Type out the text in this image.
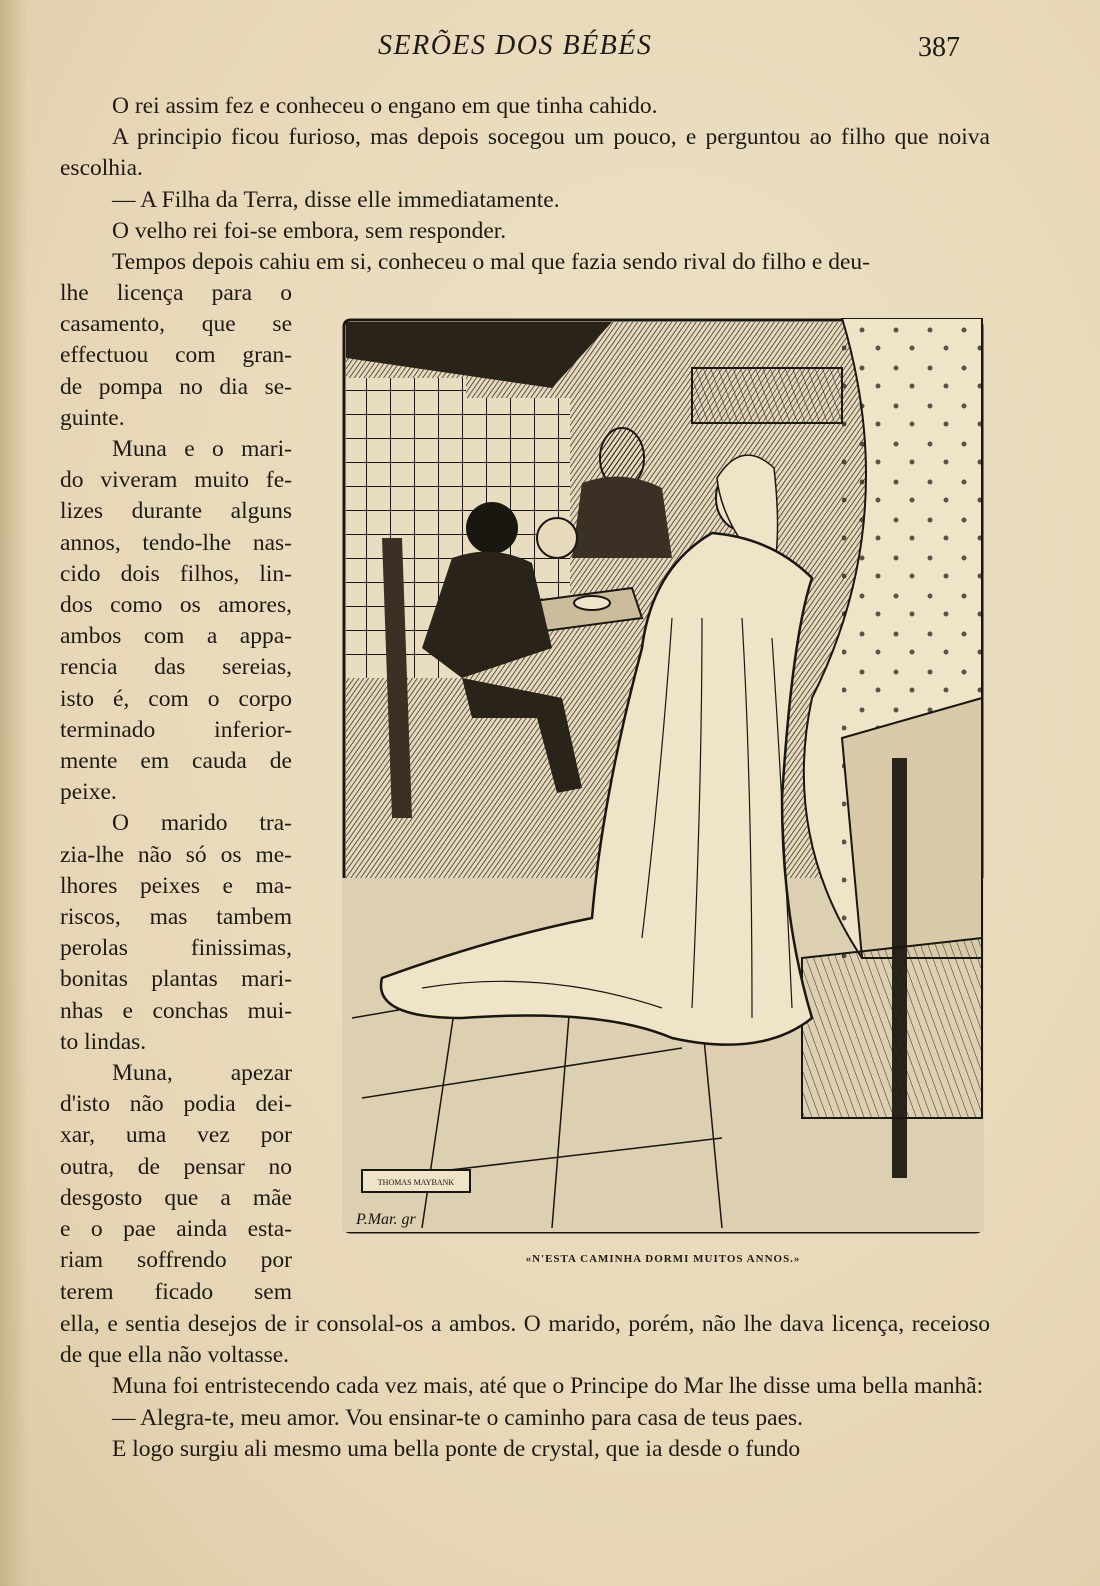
SERÕES DOS BÉBÉS	387

O rei assim fez e conheceu o engano em que tinha cahido.

A principio ficou furioso, mas depois socegou um pouco, e perguntou ao filho que noiva escolhia.

— A Filha da Terra, disse elle immediatamente.

O velho rei foi-se embora, sem responder.

Tempos depois cahiu em si, conheceu o mal que fazia sendo rival do filho e deu-

lhe licença para o
casamento, que se
effectuou com gran-
de pompa no dia se-
guinte.
Muna e o mari-
do viveram muito fe-
lizes durante alguns
annos, tendo-lhe nas-
cido dois filhos, lin-
dos como os amores,
ambos com a appa-
rencia das sereias,
isto é, com o corpo
terminado inferior-
mente em cauda de
peixe.
O marido tra-
zia-lhe não só os me-
lhores peixes e ma-
riscos, mas tambem
perolas finissimas,
bonitas plantas mari-
nhas e conchas mui-
to lindas.
Muna, apezar
d'isto não podia dei-
xar, uma vez por
outra, de pensar no
desgosto que a mãe
e o pae ainda esta-
riam soffrendo por
terem ficado sem
THOMAS MAYBANK
P.Mar. gr
«N'ESTA CAMINHA DORMI MUITOS ANNOS.»

ella, e sentia desejos de ir consolal-os a ambos. O marido, porém, não lhe dava licença, receioso de que ella não voltasse.

Muna foi entristecendo cada vez mais, até que o Principe do Mar lhe disse uma bella manhã:

— Alegra-te, meu amor. Vou ensinar-te o caminho para casa de teus paes.

E logo surgiu ali mesmo uma bella ponte de crystal, que ia desde o fundo
